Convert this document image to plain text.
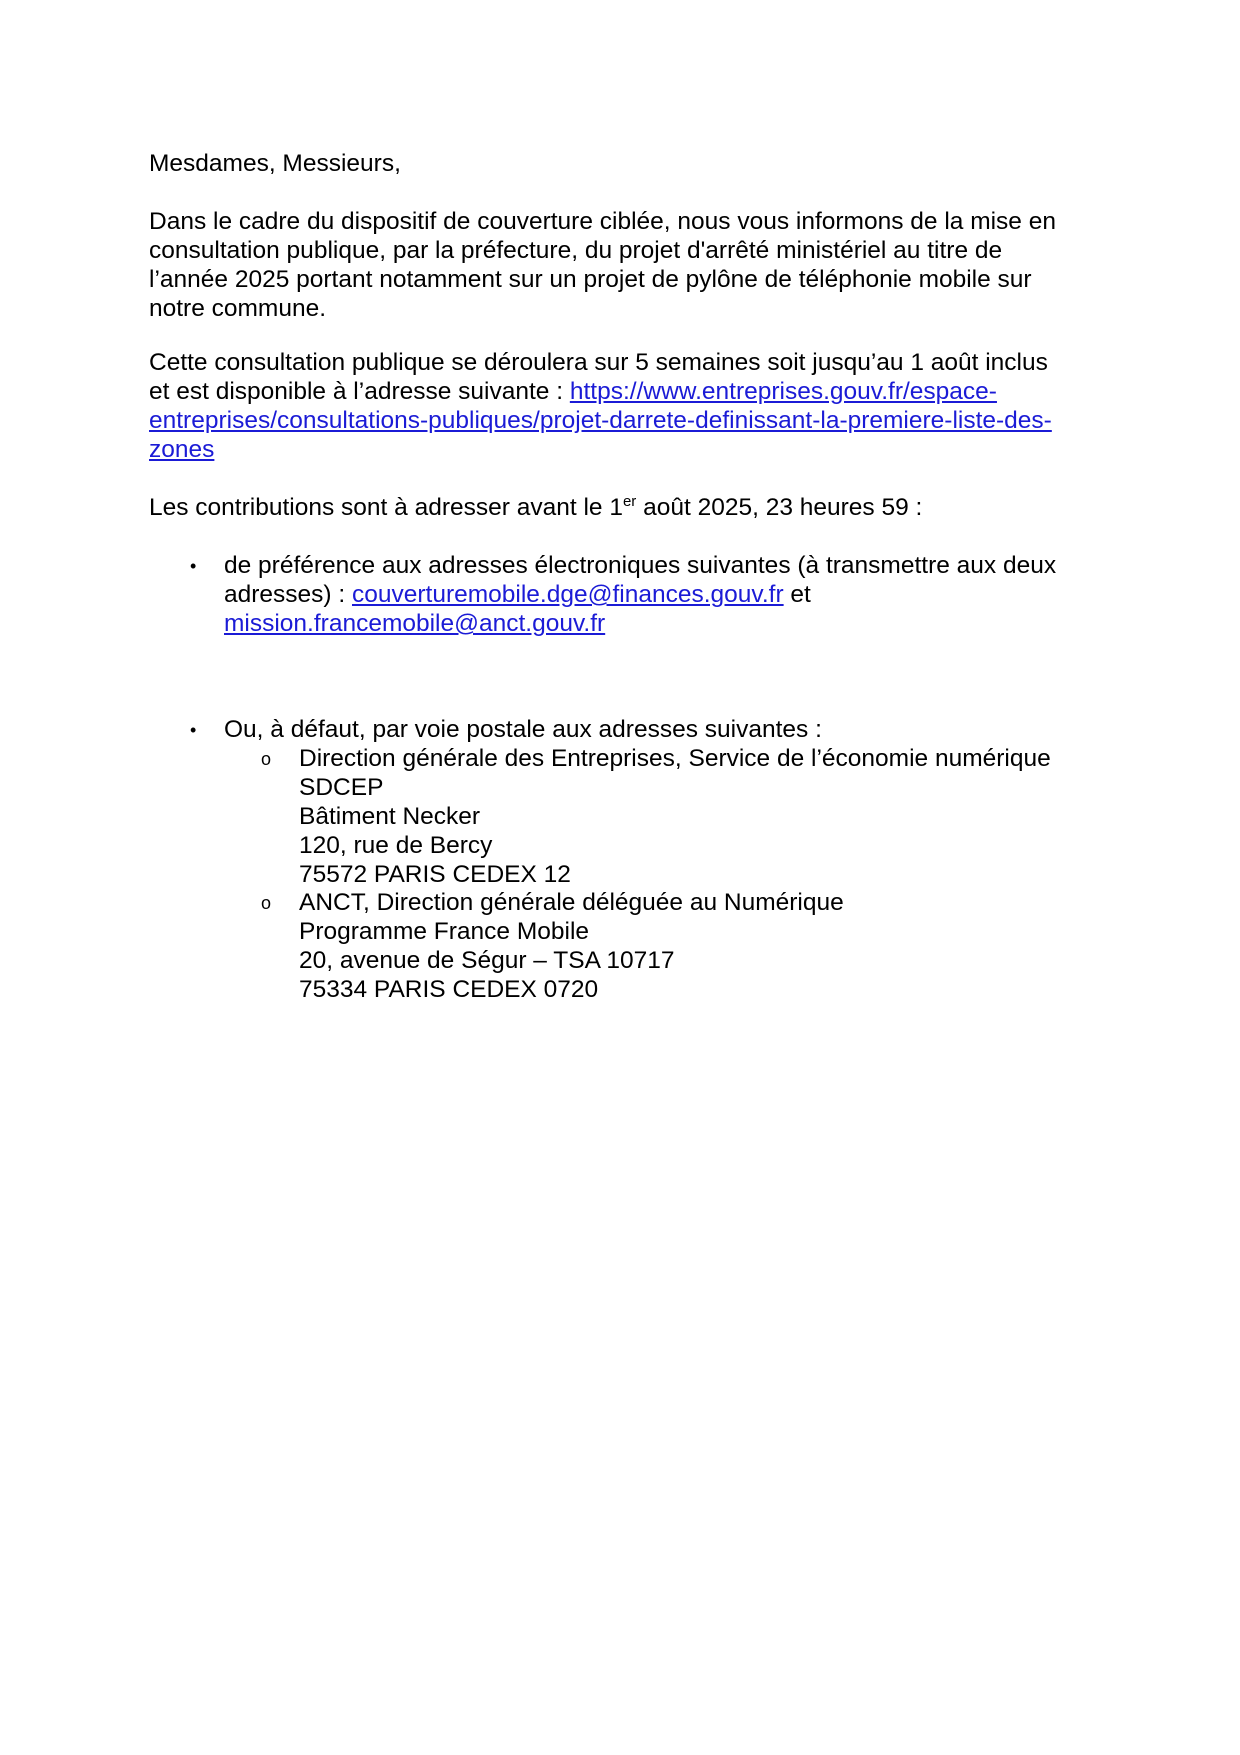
Mesdames, Messieurs,

Dans le cadre du dispositif de couverture ciblée, nous vous informons de la mise en
consultation publique, par la préfecture, du projet d'arrêté ministériel au titre de
l’année 2025 portant notamment sur un projet de pylône de téléphonie mobile sur
notre commune.

Cette consultation publique se déroulera sur 5 semaines soit jusqu’au 1 août inclus
et est disponible à l’adresse suivante : https://www.entreprises.gouv.fr/espace-
entreprises/consultations-publiques/projet-darrete-definissant-la-premiere-liste-des-
zones

Les contributions sont à adresser avant le 1er août 2025, 23 heures 59 :

• de préférence aux adresses électroniques suivantes (à transmettre aux deux
adresses) : couverturemobile.dge@finances.gouv.fr et
mission.francemobile@anct.gouv.fr

• Ou, à défaut, par voie postale aux adresses suivantes :

o Direction générale des Entreprises, Service de l’économie numérique
SDCEP
Bâtiment Necker
120, rue de Bercy
75572 PARIS CEDEX 12

o ANCT, Direction générale déléguée au Numérique
Programme France Mobile
20, avenue de Ségur – TSA 10717
75334 PARIS CEDEX 0720
